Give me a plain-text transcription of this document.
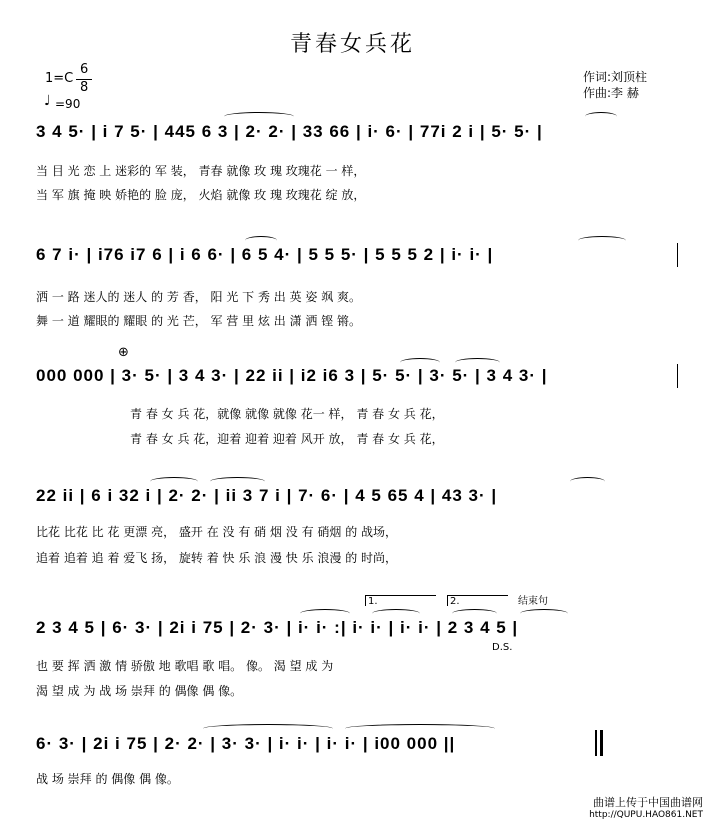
青春女兵花
作词:刘顶柱
作曲:李 赫
1=C
6
8
♩ =90
3 4 5· | i 7 5· | 445 6 3 | 2· 2· | 33 66 | i· 6· | 77i 2 i | 5· 5· |
当 目 光 恋 上 迷彩的 军 装， 青春 就像 玫 瑰 玫瑰花 一 样，
当 军 旗 掩 映 娇艳的 脸 庞， 火焰 就像 玫 瑰 玫瑰花 绽 放，
6 7 i· | i76 i7 6 | i 6 6· | 6 5 4· | 5 5 5· | 5 5 5 2 | i· i· |
洒 一 路 迷人的 迷人 的 芳 香， 阳 光 下 秀 出 英 姿 飒 爽。
舞 一 道 耀眼的 耀眼 的 光 芒， 军 营 里 炫 出 潇 洒 铿 锵。
⊕
000 000 | 3· 5· | 3 4 3· | 22 ii | i2 i6 3 | 5· 5· | 3· 5· | 3 4 3· |
青 春 女 兵 花，就像 就像 就像 花一 样， 青 春 女 兵 花，
青 春 女 兵 花，迎着 迎着 迎着 风开 放， 青 春 女 兵 花，
22 ii | 6 i 32 i | 2· 2· | ii 3 7 i | 7· 6· | 4 5 65 4 | 43 3· |
比花 比花 比 花 更漂 亮， 盛开 在 没 有 硝 烟 没 有 硝烟 的 战场，
追着 追着 追 着 爱飞 扬， 旋转 着 快 乐 浪 漫 快 乐 浪漫 的 时尚，
1.	2.	结束句
2 3 4 5 | 6· 3· | 2i i 75 | 2· 3· | i· i· :| i· i· | i· i· | 2 3 4 5 |
D.S.
也 要 挥 洒 激 情 骄傲 地 歌唱 歌 唱。 像。 渴 望 成 为
渴 望 成 为 战 场 崇拜 的 偶像 偶 像。
6· 3· | 2i i 75 | 2· 2· | 3· 3· | i· i· | i· i· | i00 000 ||
战 场 崇拜 的 偶像 偶 像。
曲谱上传于中国曲谱网
http://QUPU.HAO861.NET
